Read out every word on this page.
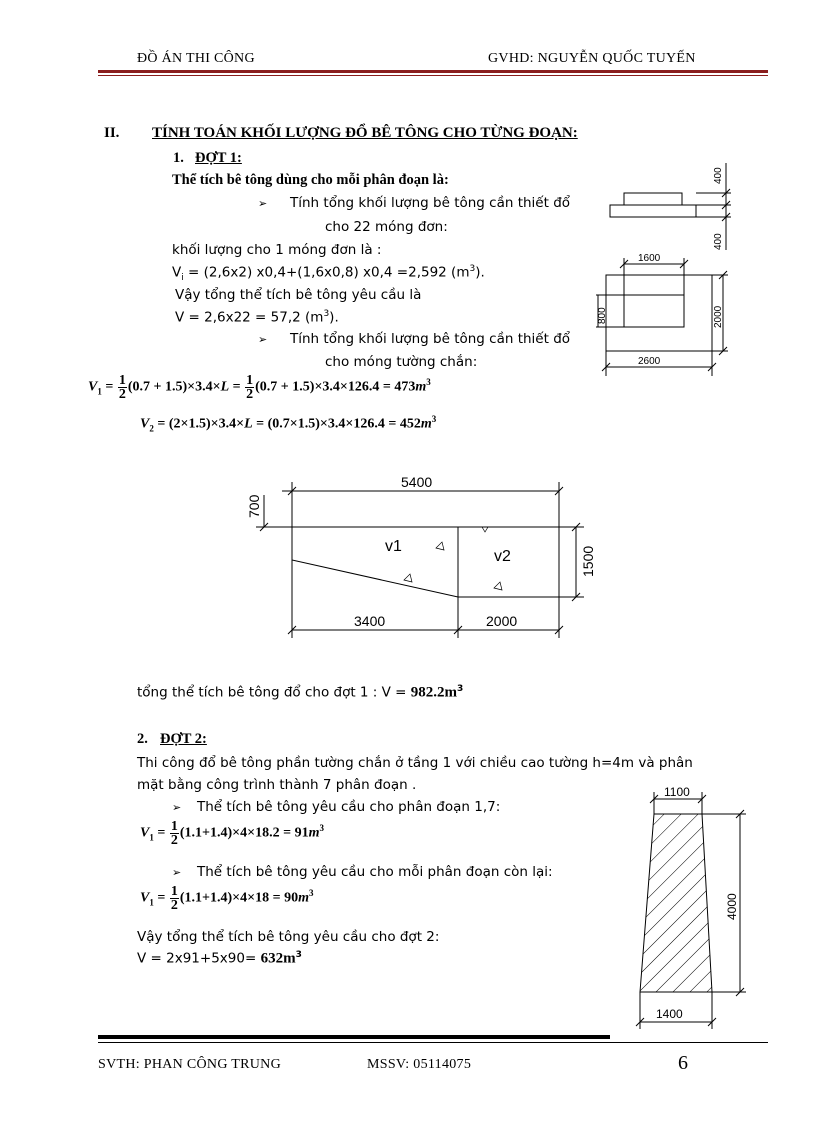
ĐỒ ÁN THI CÔNG	GVHD: NGUYỄN QUỐC TUYẾN
II. TÍNH TOÁN KHỐI LƯỢNG ĐỔ BÊ TÔNG CHO TỪNG ĐOẠN:
1. ĐỢT 1:
Thể tích bê tông dùng cho mỗi phân đoạn là:
➢ Tính tổng khối lượng bê tông cần thiết đổ
cho 22 móng đơn:
khối lượng cho 1 móng đơn là :
$V_i = (2,6x2)$ x0,4+(1,6x0,8) x0,4 =2,592 $(m^3)$.
Vậy tổng thể tích bê tông yêu cầu là
V = 2,6x22 = 57,2 $(m^3)$.
➢ Tính tổng khối lượng bê tông cần thiết đổ
cho móng tường chắn:
$V_1 = \frac{1}{2} (0.7 + 1.5)\times 3.4\times L = \frac{1}{2} (0.7 + 1.5)\times 3.4\times 126.4 = 473m^3$
$V_2 = (2\times 1.5)\times 3.4\times L = (0.7\times 1.5)\times 3.4\times 126.4 = 452m^3$
400
400
1600
800	2000
2600
5400
700
1500
3400	2000
v1
v2
tổng thể tích bê tông đổ cho đợt 1 : $V = 982.2m^3$
2. ĐỢT 2:
Thi công đổ bê tông phần tường chắn ở tầng 1 với chiều cao tường h=4m và phân
mặt bằng công trình thành 7 phân đoạn .
➢ Thể tích bê tông yêu cầu cho phân đoạn 1,7:
$V_1 = \frac{1}{2} (1.1+1.4)\times 4\times 18.2 = 91m^3$
➢ Thể tích bê tông yêu cầu cho mỗi phân đoạn còn lại:
$V_1 = \frac{1}{2} (1.1+1.4)\times 4\times 18 = 90m^3$
Vậy tổng thể tích bê tông yêu cầu cho đợt 2:
$V = 2x91+5x90= 632m^3$
1100
4000
1400
SVTH: PHAN CÔNG TRUNG	MSSV: 05114075	6
